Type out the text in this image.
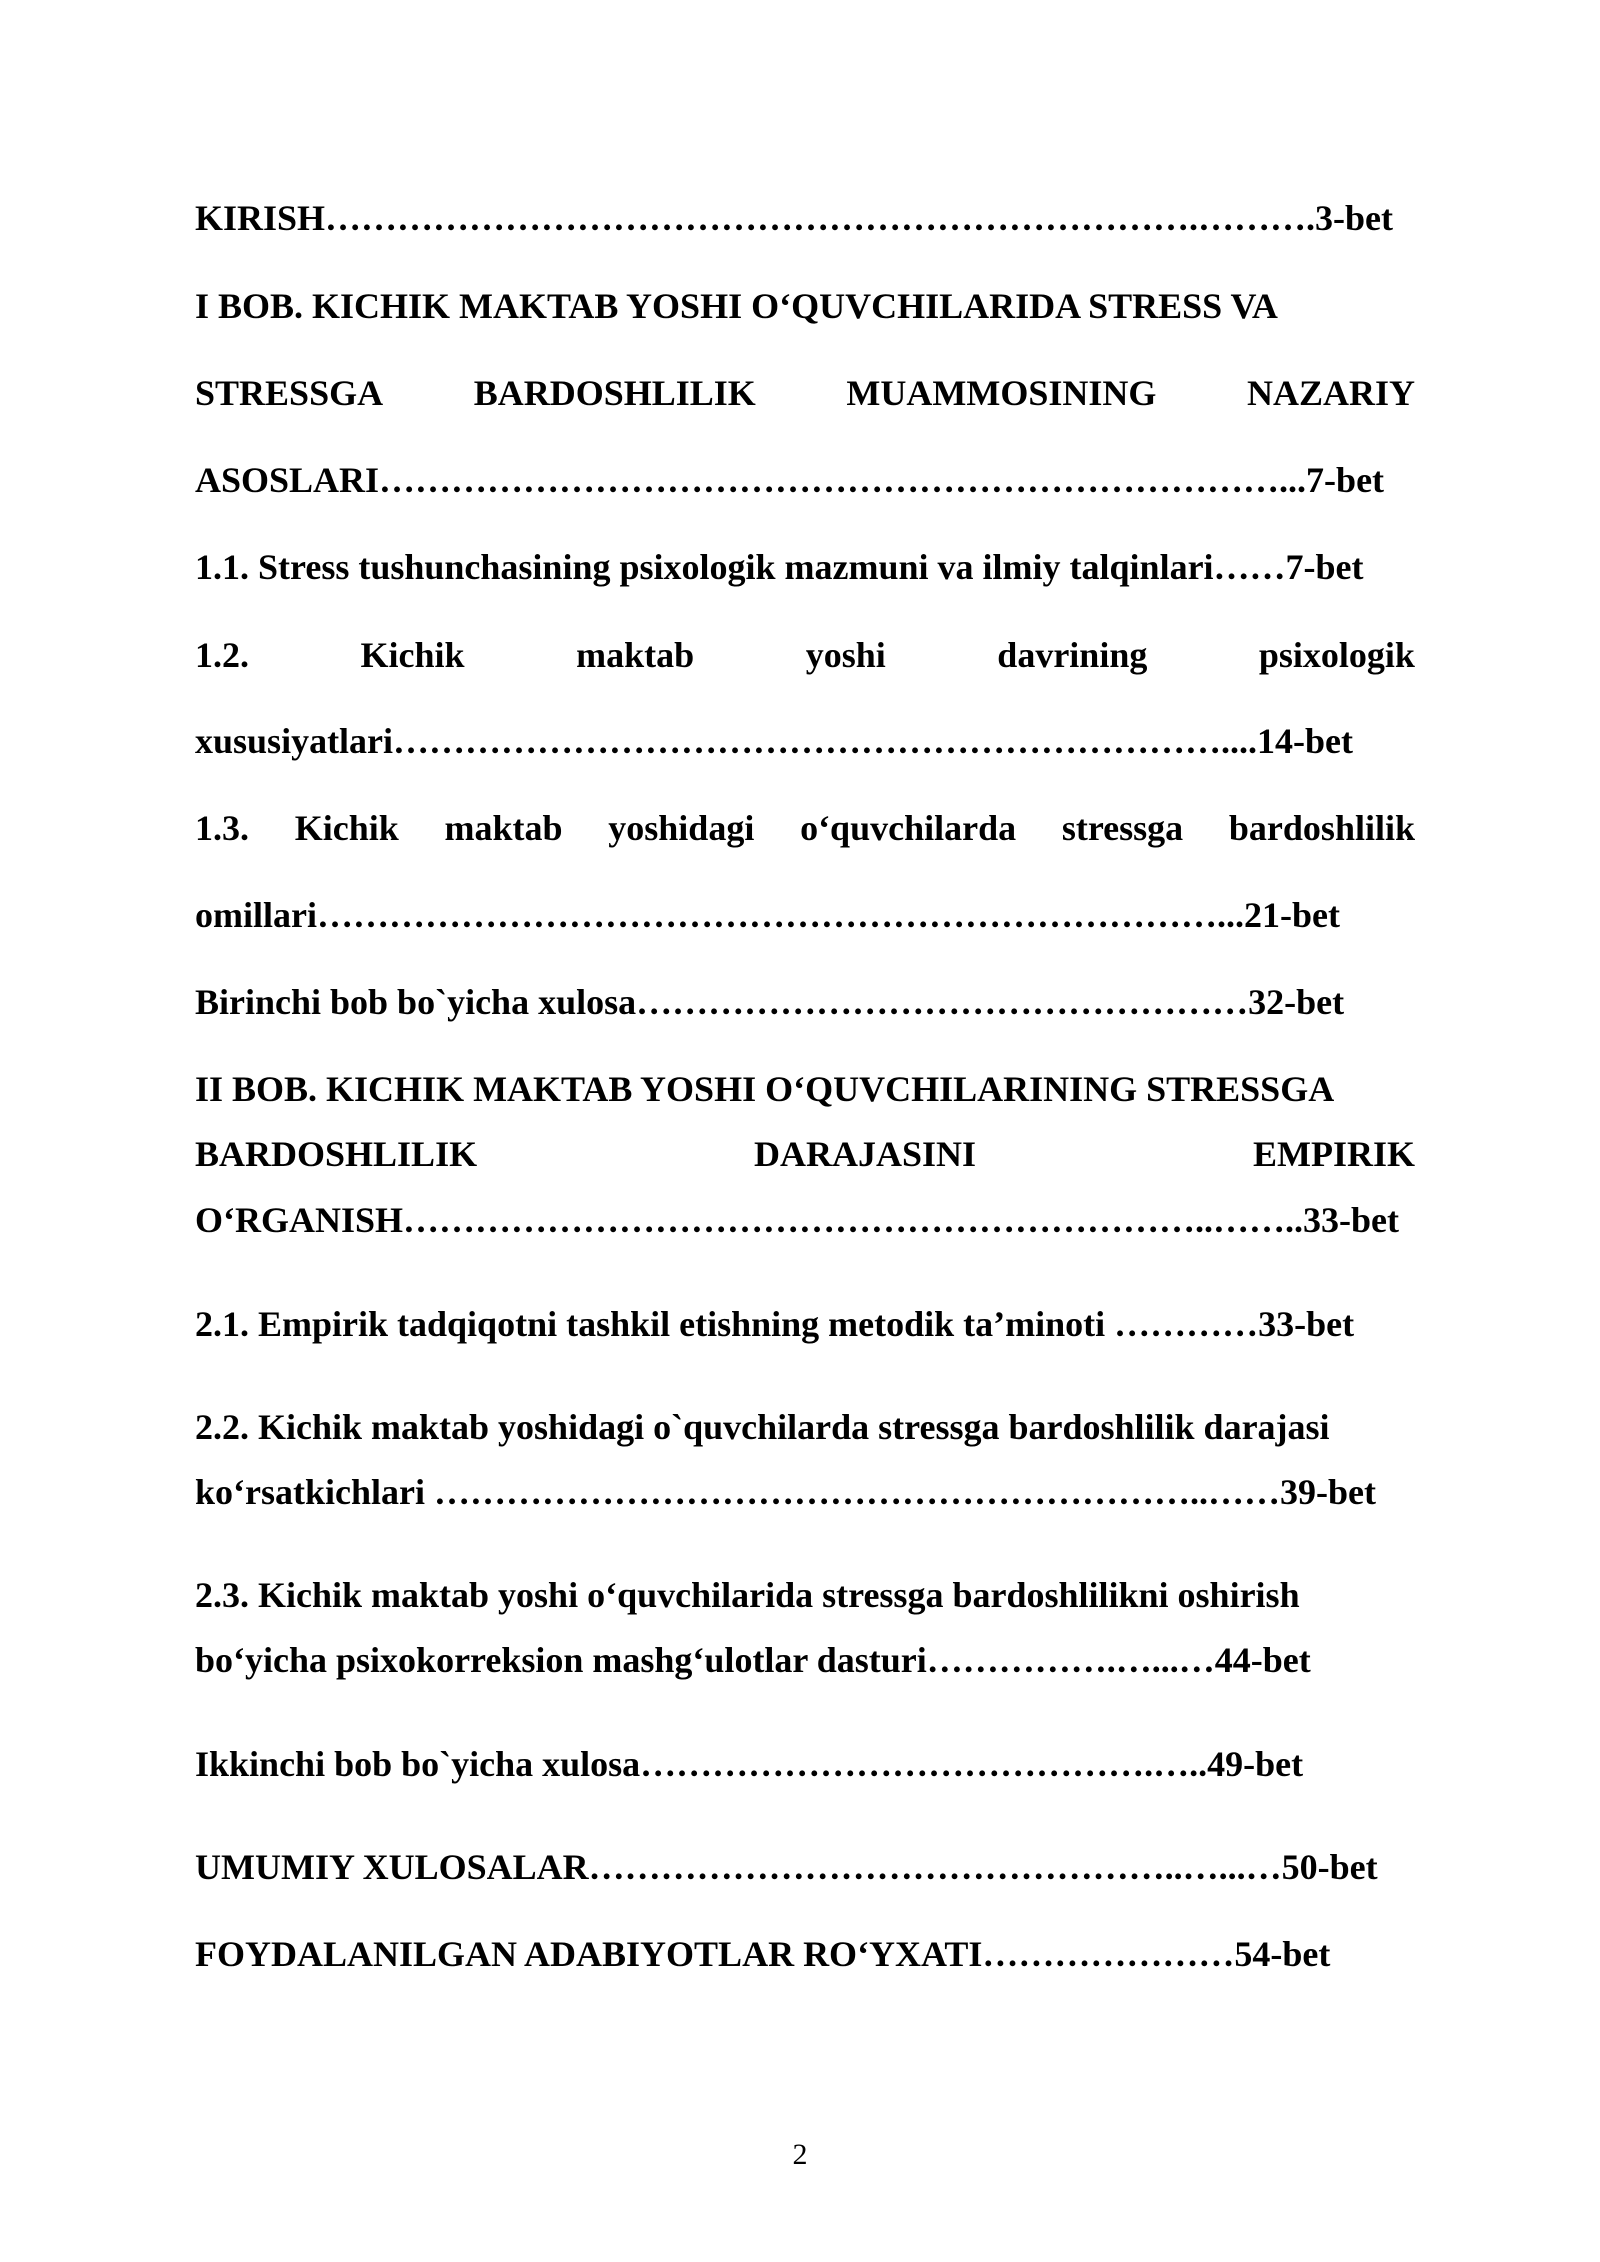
KIRISH……………………………………………………………….……….3-bet
I BOB. KICHIK MAKTAB YOSHI O‘QUVCHILARIDA STRESS VA
STRESSGA	BARDOSHLILIK	MUAMMOSINING	NAZARIY
ASOSLARI…………………………………………………………………...7-bet
1.1. Stress tushunchasining psixologik mazmuni va ilmiy talqinlari……7-bet
1.2.	Kichik	maktab	yoshi	davrining	psixologik
xususiyatlari……………………………………………………………....14-bet
1.3. Kichik maktab yoshidagi o‘quvchilarda stressga bardoshlilik
omillari…………………………………………………………………...21-bet
Birinchi bob bo`yicha xulosa……………………………………………32-bet
II BOB. KICHIK MAKTAB YOSHI O‘QUVCHILARINING STRESSGA
BARDOSHLILIK	DARAJASINI	EMPIRIK
O‘RGANISH…………………………………………………………..……..33-bet
2.1. Empirik tadqiqotni tashkil etishning metodik ta’minoti …………33-bet
2.2. Kichik maktab yoshidagi o`quvchilarda stressga bardoshlilik darajasi
ko‘rsatkichlari ………………………………………………………..……39-bet
2.3. Kichik maktab yoshi o‘quvchilarida stressga bardoshlilikni oshirish
bo‘yicha psixokorreksion mashg‘ulotlar dasturi…………….…...…44-bet
Ikkinchi bob bo`yicha xulosa…………………………………….…..49-bet
UMUMIY XULOSALAR…………………………………………..…...…50-bet
FOYDALANILGAN ADABIYOTLAR RO‘YXATI…………………54-bet
2
